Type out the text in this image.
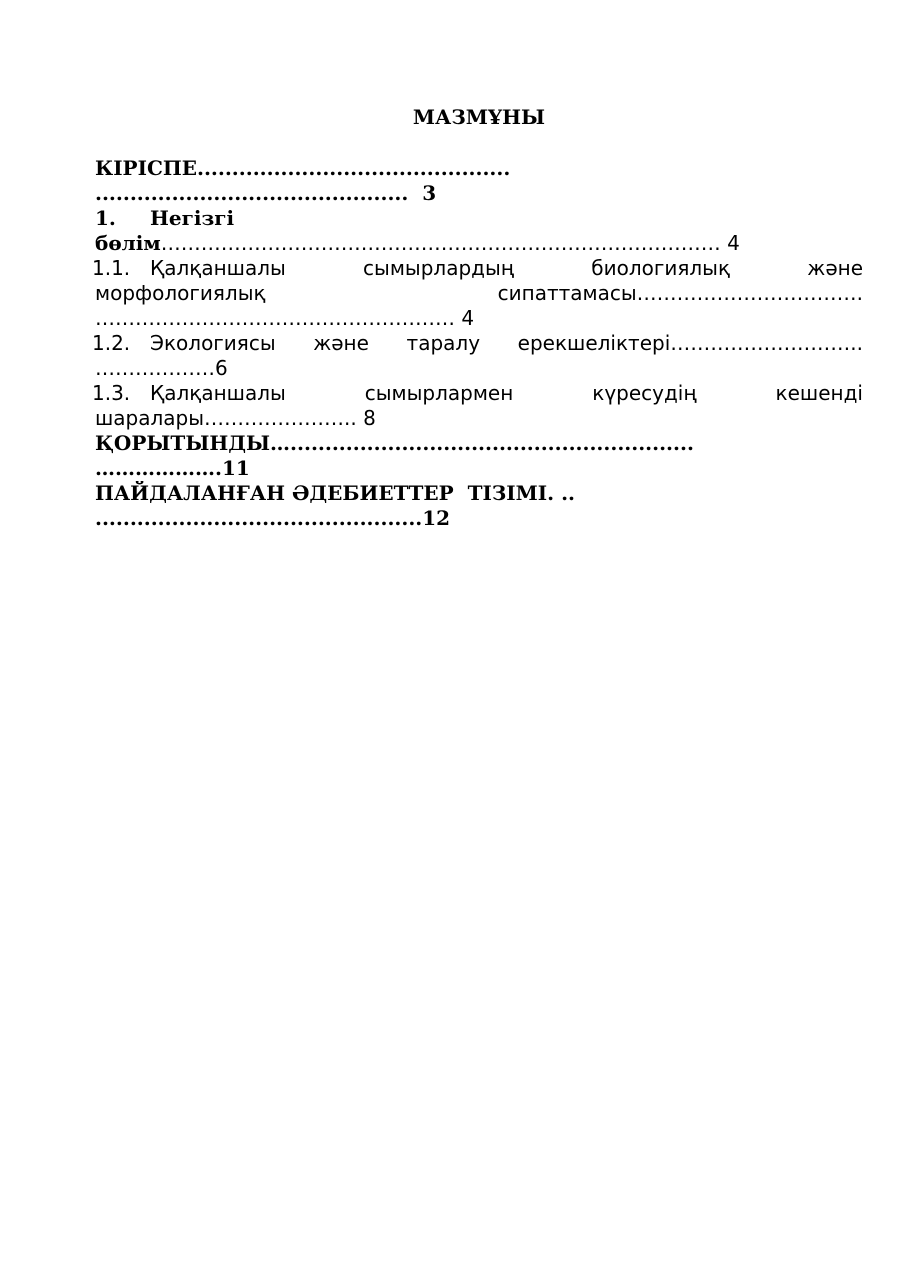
МАЗМҰНЫ
КІРІСПЕ.............................................
.............................................  3
1. Негізгі
бөлім………………………………………………………………………… 4
1.1. Қалқаншалы	сымырлардың	биологиялық	және
морфологиялық	сипаттамасы…………………………….
……………………………………………… 4
1.2. Экологиясы және таралу ерекшеліктері………………………..
………………6
1.3. Қалқаншалы	сымырлармен	күресудің	кешенді
шаралары………………….. 8
ҚОРЫТЫНДЫ…..........................................................
……………….11
ПАЙДАЛАНҒАН ӘДЕБИЕТТЕР  ТІЗІМІ. ..
...............................................12
